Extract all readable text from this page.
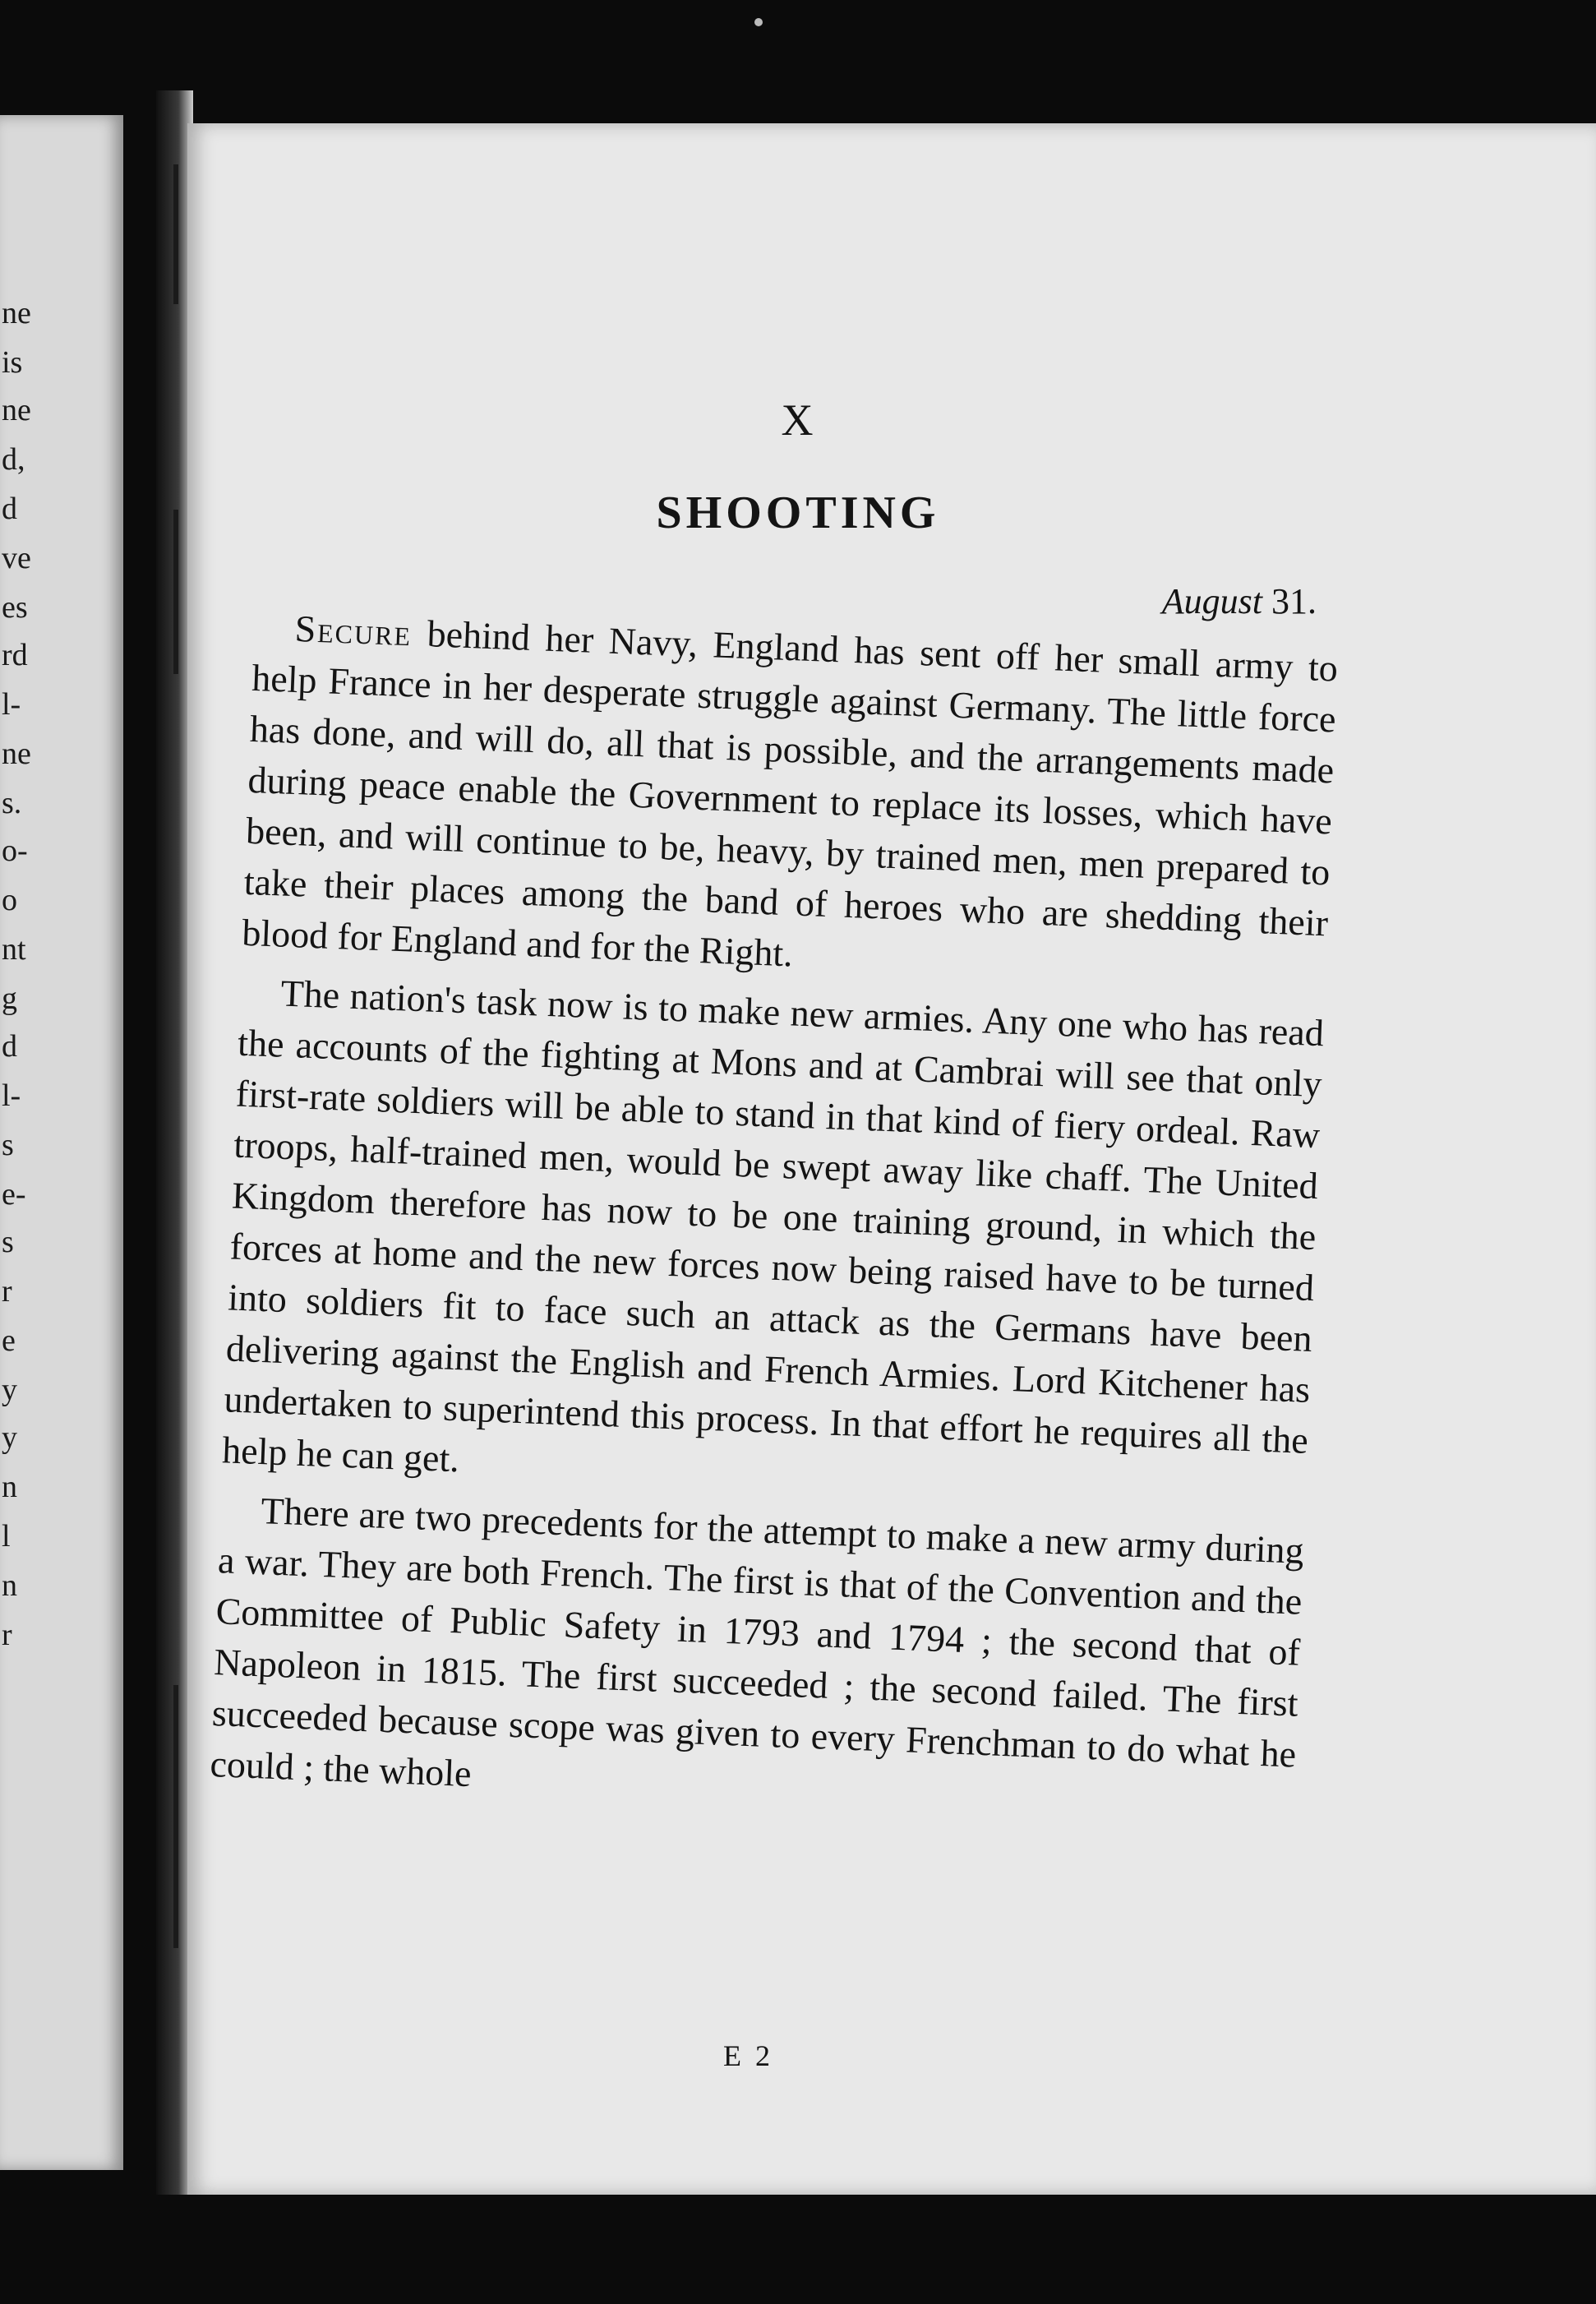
ne
is
ne
d,
d
ve
es
rd
l-
ne
s.
o-
o
nt
g
d
l-
s
e-
s
r
e
y
y
n
l
n
r
X
SHOOTING
August 31.

Secure behind her Navy, England has sent off her small army to help France in her desperate struggle against Germany. The little force has done, and will do, all that is possible, and the arrangements made during peace enable the Government to replace its losses, which have been, and will continue to be, heavy, by trained men, men prepared to take their places among the band of heroes who are shedding their blood for England and for the Right.

The nation's task now is to make new armies. Any one who has read the accounts of the fighting at Mons and at Cambrai will see that only first-rate soldiers will be able to stand in that kind of fiery ordeal. Raw troops, half-trained men, would be swept away like chaff. The United Kingdom therefore has now to be one training ground, in which the forces at home and the new forces now being raised have to be turned into soldiers fit to face such an attack as the Germans have been delivering against the English and French Armies. Lord Kitchener has undertaken to superintend this process. In that effort he requires all the help he can get.

There are two precedents for the attempt to make a new army during a war. They are both French. The first is that of the Convention and the Committee of Public Safety in 1793 and 1794 ; the second that of Napoleon in 1815. The first succeeded ; the second failed. The first succeeded because scope was given to every Frenchman to do what he could ; the whole

E 2
